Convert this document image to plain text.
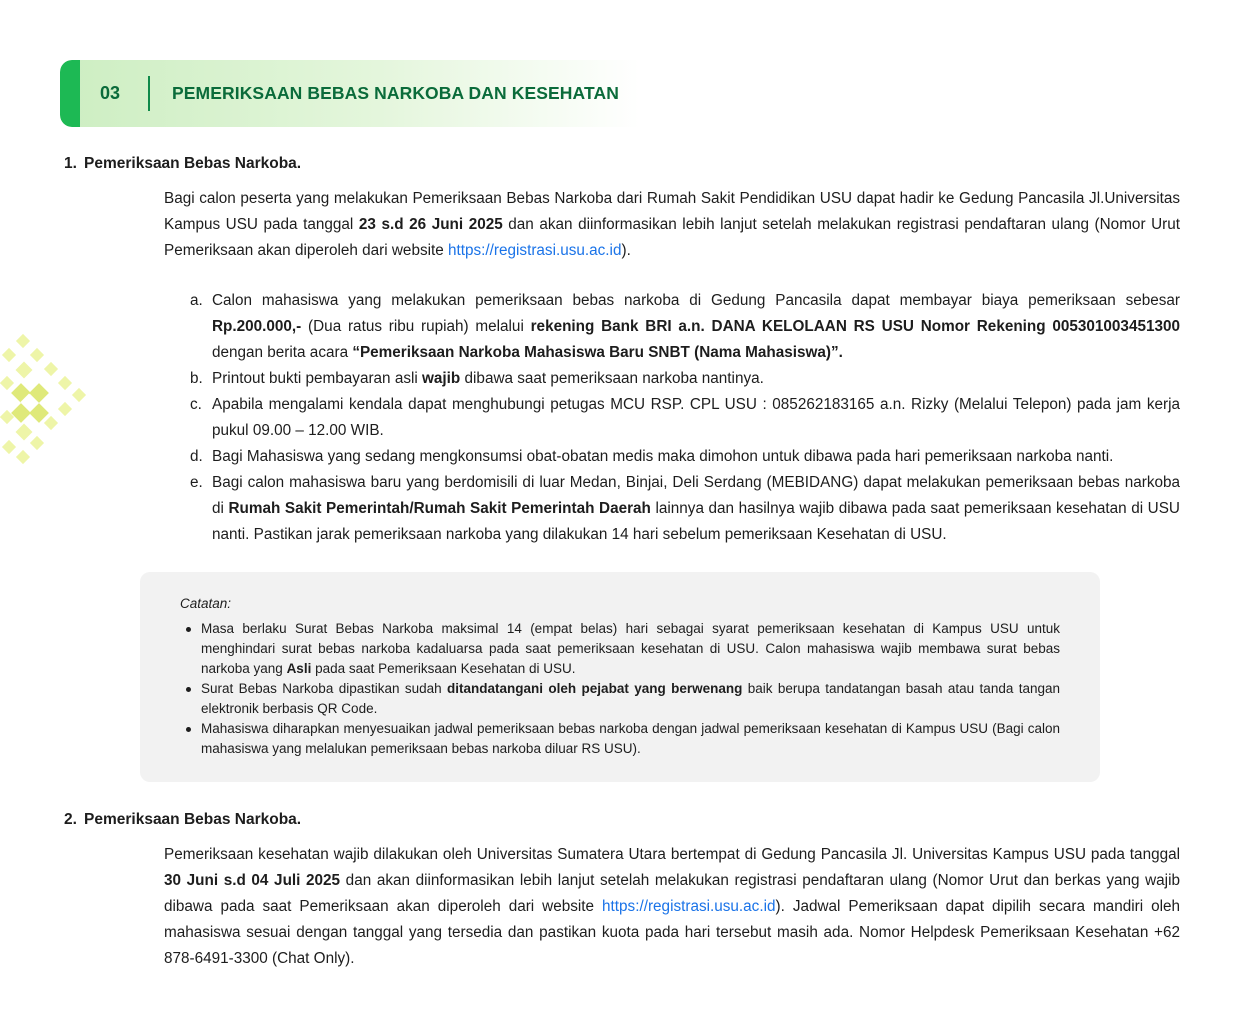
03	PEMERIKSAAN BEBAS NARKOBA DAN KESEHATAN
1. Pemeriksaan Bebas Narkoba.
Bagi calon peserta yang melakukan Pemeriksaan Bebas Narkoba dari Rumah Sakit Pendidikan USU dapat hadir ke Gedung Pancasila Jl.Universitas Kampus USU pada tanggal 23 s.d 26 Juni 2025 dan akan diinformasikan lebih lanjut setelah melakukan registrasi pendaftaran ulang (Nomor Urut Pemeriksaan akan diperoleh dari website https://registrasi.usu.ac.id).
a. Calon mahasiswa yang melakukan pemeriksaan bebas narkoba di Gedung Pancasila dapat membayar biaya pemeriksaan sebesar Rp.200.000,- (Dua ratus ribu rupiah) melalui rekening Bank BRI a.n. DANA KELOLAAN RS USU Nomor Rekening 005301003451300 dengan berita acara “Pemeriksaan Narkoba Mahasiswa Baru SNBT (Nama Mahasiswa)”.
b. Printout bukti pembayaran asli wajib dibawa saat pemeriksaan narkoba nantinya.
c. Apabila mengalami kendala dapat menghubungi petugas MCU RSP. CPL USU : 085262183165 a.n. Rizky (Melalui Telepon) pada jam kerja pukul 09.00 – 12.00 WIB.
d. Bagi Mahasiswa yang sedang mengkonsumsi obat-obatan medis maka dimohon untuk dibawa pada hari pemeriksaan narkoba nanti.
e. Bagi calon mahasiswa baru yang berdomisili di luar Medan, Binjai, Deli Serdang (MEBIDANG) dapat melakukan pemeriksaan bebas narkoba di Rumah Sakit Pemerintah/Rumah Sakit Pemerintah Daerah lainnya dan hasilnya wajib dibawa pada saat pemeriksaan kesehatan di USU nanti. Pastikan jarak pemeriksaan narkoba yang dilakukan 14 hari sebelum pemeriksaan Kesehatan di USU.
Catatan:
Masa berlaku Surat Bebas Narkoba maksimal 14 (empat belas) hari sebagai syarat pemeriksaan kesehatan di Kampus USU untuk menghindari surat bebas narkoba kadaluarsa pada saat pemeriksaan kesehatan di USU. Calon mahasiswa wajib membawa surat bebas narkoba yang Asli pada saat Pemeriksaan Kesehatan di USU.
Surat Bebas Narkoba dipastikan sudah ditandatangani oleh pejabat yang berwenang baik berupa tandatangan basah atau tanda tangan elektronik berbasis QR Code.
Mahasiswa diharapkan menyesuaikan jadwal pemeriksaan bebas narkoba dengan jadwal pemeriksaan kesehatan di Kampus USU (Bagi calon mahasiswa yang melalukan pemeriksaan bebas narkoba diluar RS USU).
2. Pemeriksaan Bebas Narkoba.
Pemeriksaan kesehatan wajib dilakukan oleh Universitas Sumatera Utara bertempat di Gedung Pancasila Jl. Universitas Kampus USU pada tanggal 30 Juni s.d 04 Juli 2025 dan akan diinformasikan lebih lanjut setelah melakukan registrasi pendaftaran ulang (Nomor Urut dan berkas yang wajib dibawa pada saat Pemeriksaan akan diperoleh dari website https://registrasi.usu.ac.id). Jadwal Pemeriksaan dapat dipilih secara mandiri oleh mahasiswa sesuai dengan tanggal yang tersedia dan pastikan kuota pada hari tersebut masih ada. Nomor Helpdesk Pemeriksaan Kesehatan +62 878-6491-3300 (Chat Only).
